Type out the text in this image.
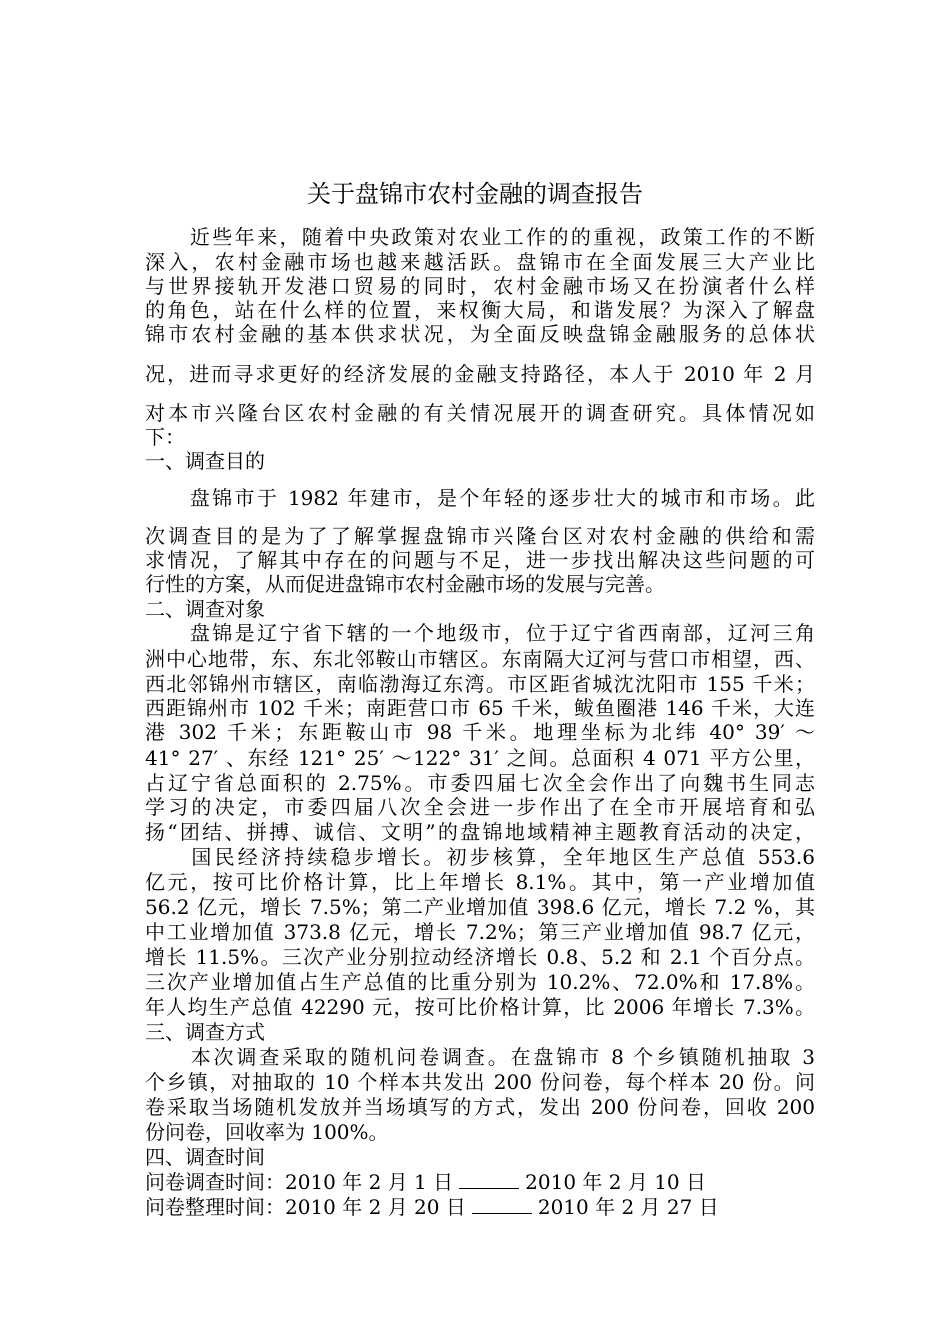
关于盘锦市农村金融的调查报告
　　近些年来，随着中央政策对农业工作的的重视，政策工作的不断
深入，农村金融市场也越来越活跃。盘锦市在全面发展三大产业比
与世界接轨开发港口贸易的同时，农村金融市场又在扮演者什么样
的角色，站在什么样的位置，来权衡大局，和谐发展？为深入了解盘
锦市农村金融的基本供求状况，为全面反映盘锦金融服务的总体状
况，进而寻求更好的经济发展的金融支持路径，本人于 2010 年 2 月
对本市兴隆台区农村金融的有关情况展开的调查研究。具体情况如
下：
一、调查目的
　　盘锦市于 1982 年建市，是个年轻的逐步壮大的城市和市场。此
次调查目的是为了了解掌握盘锦市兴隆台区对农村金融的供给和需
求情况，了解其中存在的问题与不足，进一步找出解决这些问题的可
行性的方案，从而促进盘锦市农村金融市场的发展与完善。
二、调查对象
　　盘锦是辽宁省下辖的一个地级市，位于辽宁省西南部，辽河三角
洲中心地带，东、东北邻鞍山市辖区。东南隔大辽河与营口市相望，西、
西北邻锦州市辖区，南临渤海辽东湾。市区距省城沈沈阳市 155 千米；
西距锦州市 102 千米；南距营口市 65 千米，鲅鱼圈港 146 千米，大连
港 302 千米；东距鞍山市 98 千米。地理坐标为北纬 40° 39′ ～
41° 27′ 、东经 121° 25′ ～122° 31′ 之间。总面积 4 071 平方公里，
占辽宁省总面积的 2.75%。市委四届七次全会作出了向魏书生同志
学习的决定，市委四届八次全会进一步作出了在全市开展培育和弘
扬“团结、拼搏、诚信、文明”的盘锦地域精神主题教育活动的决定，
　　国民经济持续稳步增长。初步核算，全年地区生产总值 553.6
亿元，按可比价格计算，比上年增长 8.1%。其中，第一产业增加值
56.2 亿元，增长 7.5%；第二产业增加值 398.6 亿元，增长 7.2 %，其
中工业增加值 373.8 亿元，增长 7.2%；第三产业增加值 98.7 亿元，
增长 11.5%。三次产业分别拉动经济增长 0.8、5.2 和 2.1 个百分点。
三次产业增加值占生产总值的比重分别为 10.2%、72.0%和 17.8%。
年人均生产总值 42290 元，按可比价格计算，比 2006 年增长 7.3%。
三、调查方式
　　本次调查采取的随机问卷调查。在盘锦市 8 个乡镇随机抽取 3
个乡镇，对抽取的 10 个样本共发出 200 份问卷，每个样本 20 份。问
卷采取当场随机发放并当场填写的方式，发出 200 份问卷，回收 200
份问卷，回收率为 100%。
四、调查时间
问卷调查时间：2010 年 2 月 1 日	2010 年 2 月 10 日
问卷整理时间：2010 年 2 月 20 日	2010 年 2 月 27 日
